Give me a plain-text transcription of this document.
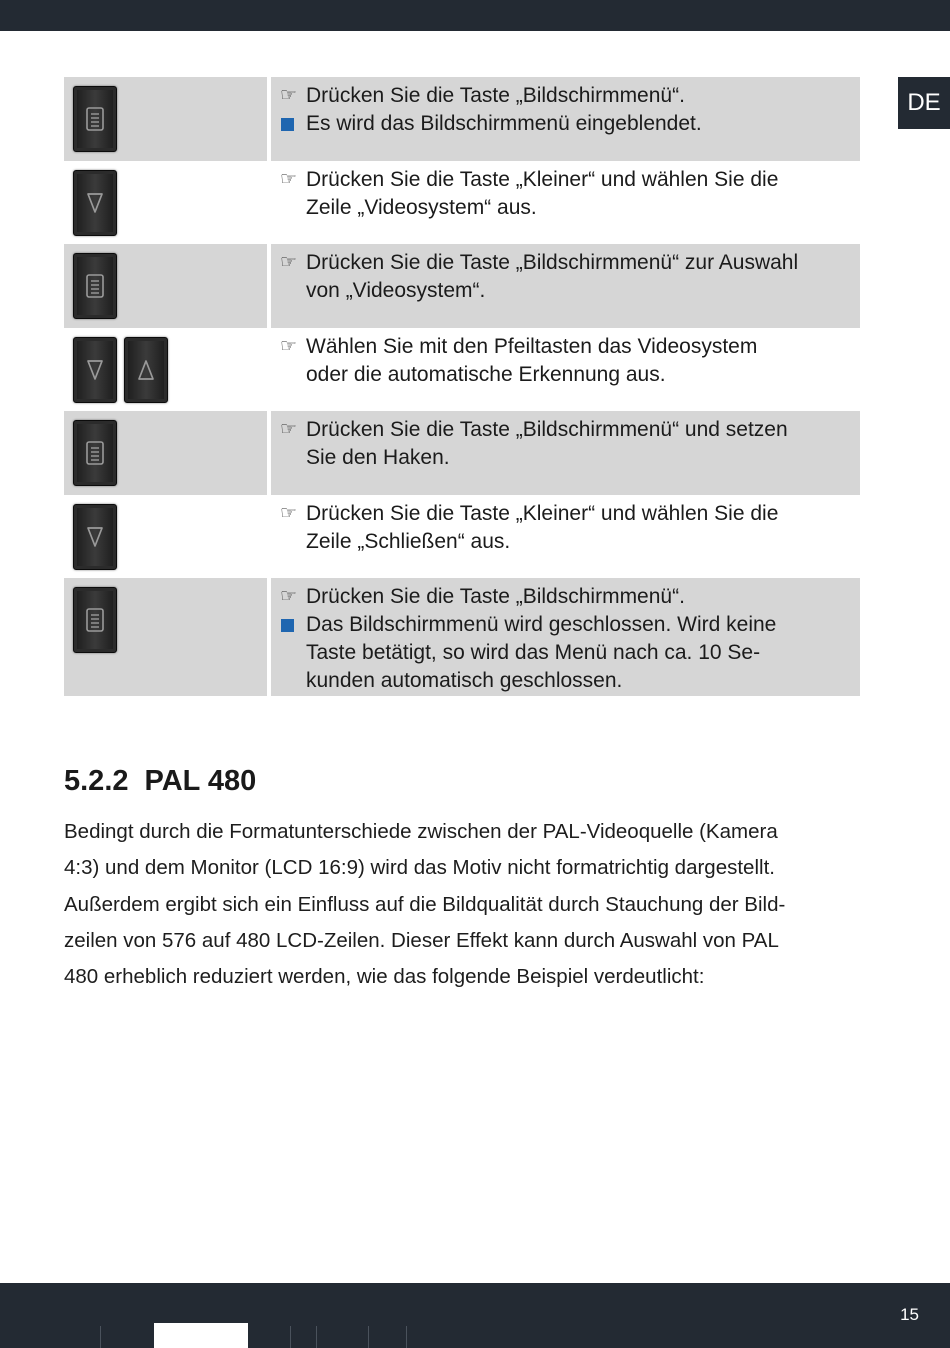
DE
☞ Drücken Sie die Taste „Bildschirmmenü“.
Es wird das Bildschirmmenü eingeblendet.
☞ Drücken Sie die Taste „Kleiner“ und wählen Sie die
Zeile „Videosystem“ aus.
☞ Drücken Sie die Taste „Bildschirmmenü“ zur Auswahl
von „Videosystem“.
☞ Wählen Sie mit den Pfeiltasten das Videosystem
oder die automatische Erkennung aus.
☞ Drücken Sie die Taste „Bildschirmmenü“ und setzen
Sie den Haken.
☞ Drücken Sie die Taste „Kleiner“ und wählen Sie die
Zeile „Schließen“ aus.
☞ Drücken Sie die Taste „Bildschirmmenü“.
Das Bildschirmmenü wird geschlossen. Wird keine
Taste betätigt, so wird das Menü nach ca. 10 Se-
kunden automatisch geschlossen.
5.2.2 PAL 480
Bedingt durch die Formatunterschiede zwischen der PAL-Videoquelle (Kamera
4:3) und dem Monitor (LCD 16:9) wird das Motiv nicht formatrichtig dargestellt.
Außerdem ergibt sich ein Einfluss auf die Bildqualität durch Stauchung der Bild-
zeilen von 576 auf 480 LCD-Zeilen. Dieser Effekt kann durch Auswahl von PAL
480 erheblich reduziert werden, wie das folgende Beispiel verdeutlicht:
15
